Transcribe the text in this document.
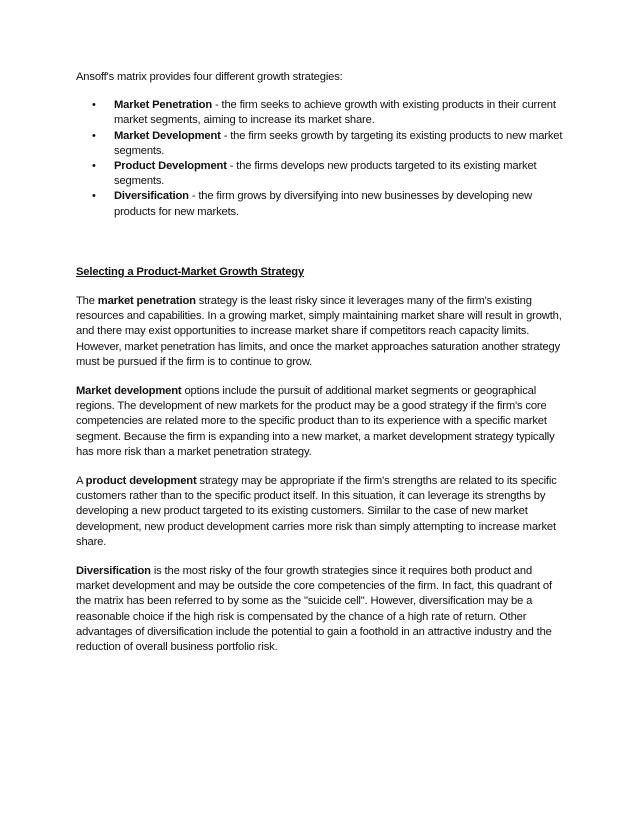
Ansoff's matrix provides four different growth strategies:

• Market Penetration - the firm seeks to achieve growth with existing products in their current market segments, aiming to increase its market share.
• Market Development - the firm seeks growth by targeting its existing products to new market segments.
• Product Development - the firms develops new products targeted to its existing market segments.
• Diversification - the firm grows by diversifying into new businesses by developing new products for new markets.

Selecting a Product-Market Growth Strategy

The market penetration strategy is the least risky since it leverages many of the firm's existing resources and capabilities. In a growing market, simply maintaining market share will result in growth, and there may exist opportunities to increase market share if competitors reach capacity limits. However, market penetration has limits, and once the market approaches saturation another strategy must be pursued if the firm is to continue to grow.

Market development options include the pursuit of additional market segments or geographical regions. The development of new markets for the product may be a good strategy if the firm's core competencies are related more to the specific product than to its experience with a specific market segment. Because the firm is expanding into a new market, a market development strategy typically has more risk than a market penetration strategy.

A product development strategy may be appropriate if the firm's strengths are related to its specific customers rather than to the specific product itself. In this situation, it can leverage its strengths by developing a new product targeted to its existing customers. Similar to the case of new market development, new product development carries more risk than simply attempting to increase market share.

Diversification is the most risky of the four growth strategies since it requires both product and market development and may be outside the core competencies of the firm. In fact, this quadrant of the matrix has been referred to by some as the "suicide cell". However, diversification may be a reasonable choice if the high risk is compensated by the chance of a high rate of return. Other advantages of diversification include the potential to gain a foothold in an attractive industry and the reduction of overall business portfolio risk.
